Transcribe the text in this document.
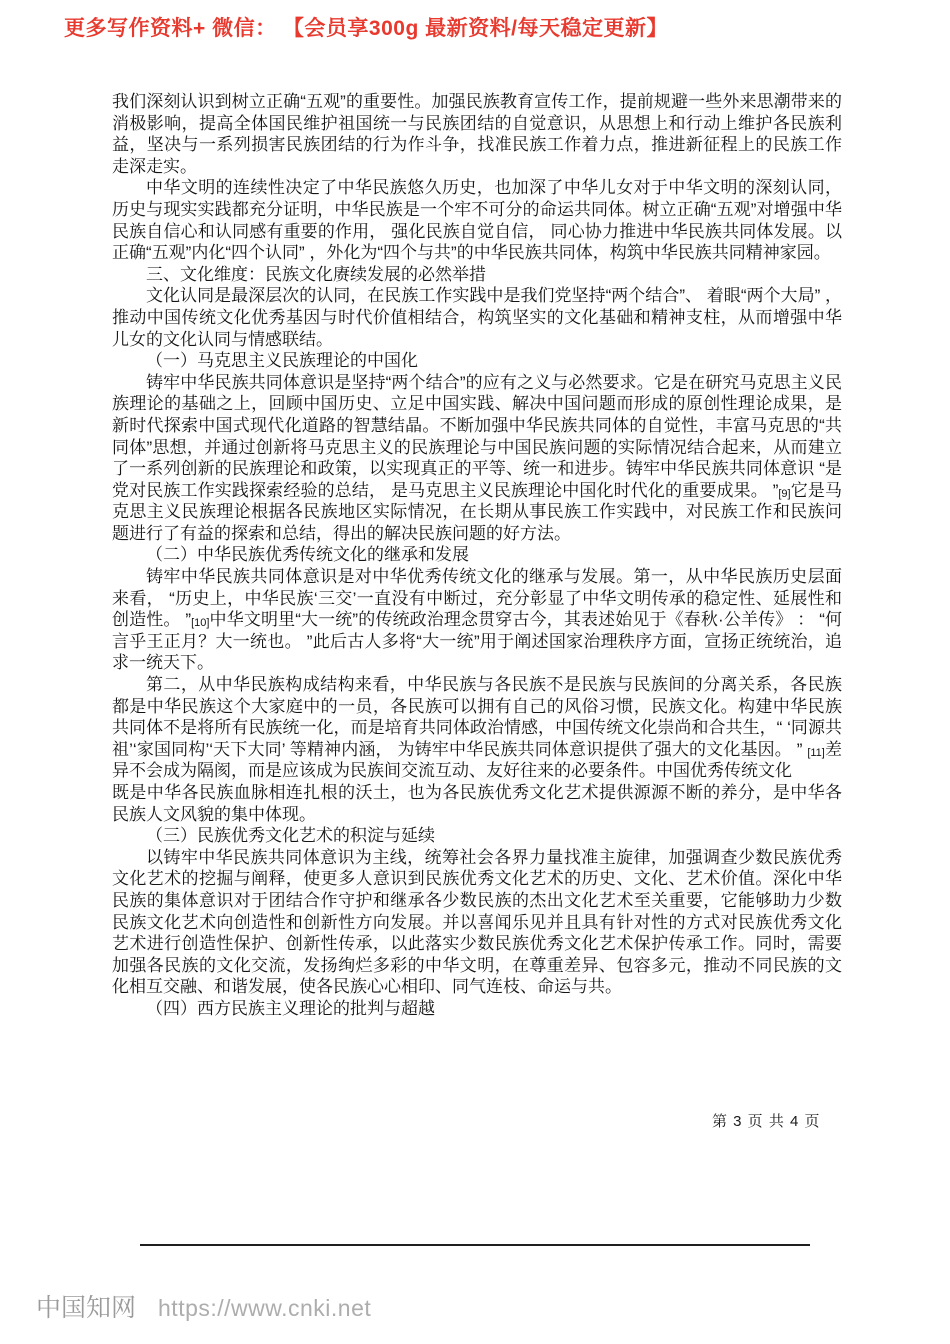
更多写作资料+ 微信： 【会员享300g 最新资料/每天稳定更新】

我们深刻认识到树立正确“五观”的重要性。加强民族教育宣传工作，提前规避一些外来思潮带来的消极影响，提高全体国民维护祖国统一与民族团结的自觉意识，从思想上和行动上维护各民族利益，坚决与一系列损害民族团结的行为作斗争，找准民族工作着力点，推进新征程上的民族工作走深走实。

中华文明的连续性决定了中华民族悠久历史，也加深了中华儿女对于中华文明的深刻认同，历史与现实实践都充分证明，中华民族是一个牢不可分的命运共同体。树立正确“五观”对增强中华民族自信心和认同感有重要的作用， 强化民族自觉自信， 同心协力推进中华民族共同体发展。以正确“五观”内化“四个认同” ，外化为“四个与共”的中华民族共同体，构筑中华民族共同精神家园。

三、文化维度：民族文化赓续发展的必然举措

文化认同是最深层次的认同，在民族工作实践中是我们党坚持“两个结合”、 着眼“两个大局” ，推动中国传统文化优秀基因与时代价值相结合，构筑坚实的文化基础和精神支柱，从而增强中华儿女的文化认同与情感联结。

（一）马克思主义民族理论的中国化

铸牢中华民族共同体意识是坚持“两个结合”的应有之义与必然要求。它是在研究马克思主义民族理论的基础之上，回顾中国历史、立足中国实践、解决中国问题而形成的原创性理论成果，是新时代探索中国式现代化道路的智慧结晶。不断加强中华民族共同体的自觉性，丰富马克思的“共同体”思想，并通过创新将马克思主义的民族理论与中国民族问题的实际情况结合起来，从而建立了一系列创新的民族理论和政策，以实现真正的平等、统一和进步。铸牢中华民族共同体意识 “是党对民族工作实践探索经验的总结， 是马克思主义民族理论中国化时代化的重要成果。 ”[9]它是马克思主义民族理论根据各民族地区实际情况，在长期从事民族工作实践中，对民族工作和民族问题进行了有益的探索和总结，得出的解决民族问题的好方法。

（二）中华民族优秀传统文化的继承和发展

铸牢中华民族共同体意识是对中华优秀传统文化的继承与发展。第一，从中华民族历史层面来看， “历史上，中华民族‘三交’一直没有中断过，充分彰显了中华文明传承的稳定性、延展性和创造性。 ”[10]中华文明里“大一统”的传统政治理念贯穿古今，其表述始见于《春秋·公羊传》 ： “何言乎王正月？大一统也。 ”此后古人多将“大一统”用于阐述国家治理秩序方面，宣扬正统统治，追求一统天下。

第二，从中华民族构成结构来看，中华民族与各民族不是民族与民族间的分离关系，各民族都是中华民族这个大家庭中的一员，各民族可以拥有自己的风俗习惯，民族文化。构建中华民族共同体不是将所有民族统一化，而是培育共同体政治情感，中国传统文化崇尚和合共生，“ ‘同源共祖’‘家国同构’‘天下大同’ 等精神内涵， 为铸牢中华民族共同体意识提供了强大的文化基因。 ” [11]差异不会成为隔阂，而是应该成为民族间交流互动、友好往来的必要条件。中国优秀传统文化
既是中华各民族血脉相连扎根的沃土，也为各民族优秀文化艺术提供源源不断的养分，是中华各民族人文风貌的集中体现。

（三）民族优秀文化艺术的积淀与延续

以铸牢中华民族共同体意识为主线，统筹社会各界力量找准主旋律，加强调查少数民族优秀文化艺术的挖掘与阐释，使更多人意识到民族优秀文化艺术的历史、文化、艺术价值。深化中华民族的集体意识对于团结合作守护和继承各少数民族的杰出文化艺术至关重要，它能够助力少数民族文化艺术向创造性和创新性方向发展。并以喜闻乐见并且具有针对性的方式对民族优秀文化艺术进行创造性保护、创新性传承，以此落实少数民族优秀文化艺术保护传承工作。同时，需要加强各民族的文化交流，发扬绚烂多彩的中华文明，在尊重差异、包容多元，推动不同民族的文化相互交融、和谐发展，使各民族心心相印、同气连枝、命运与共。

（四）西方民族主义理论的批判与超越

第 3 页 共 4 页
中国知网 https://www.cnki.net
